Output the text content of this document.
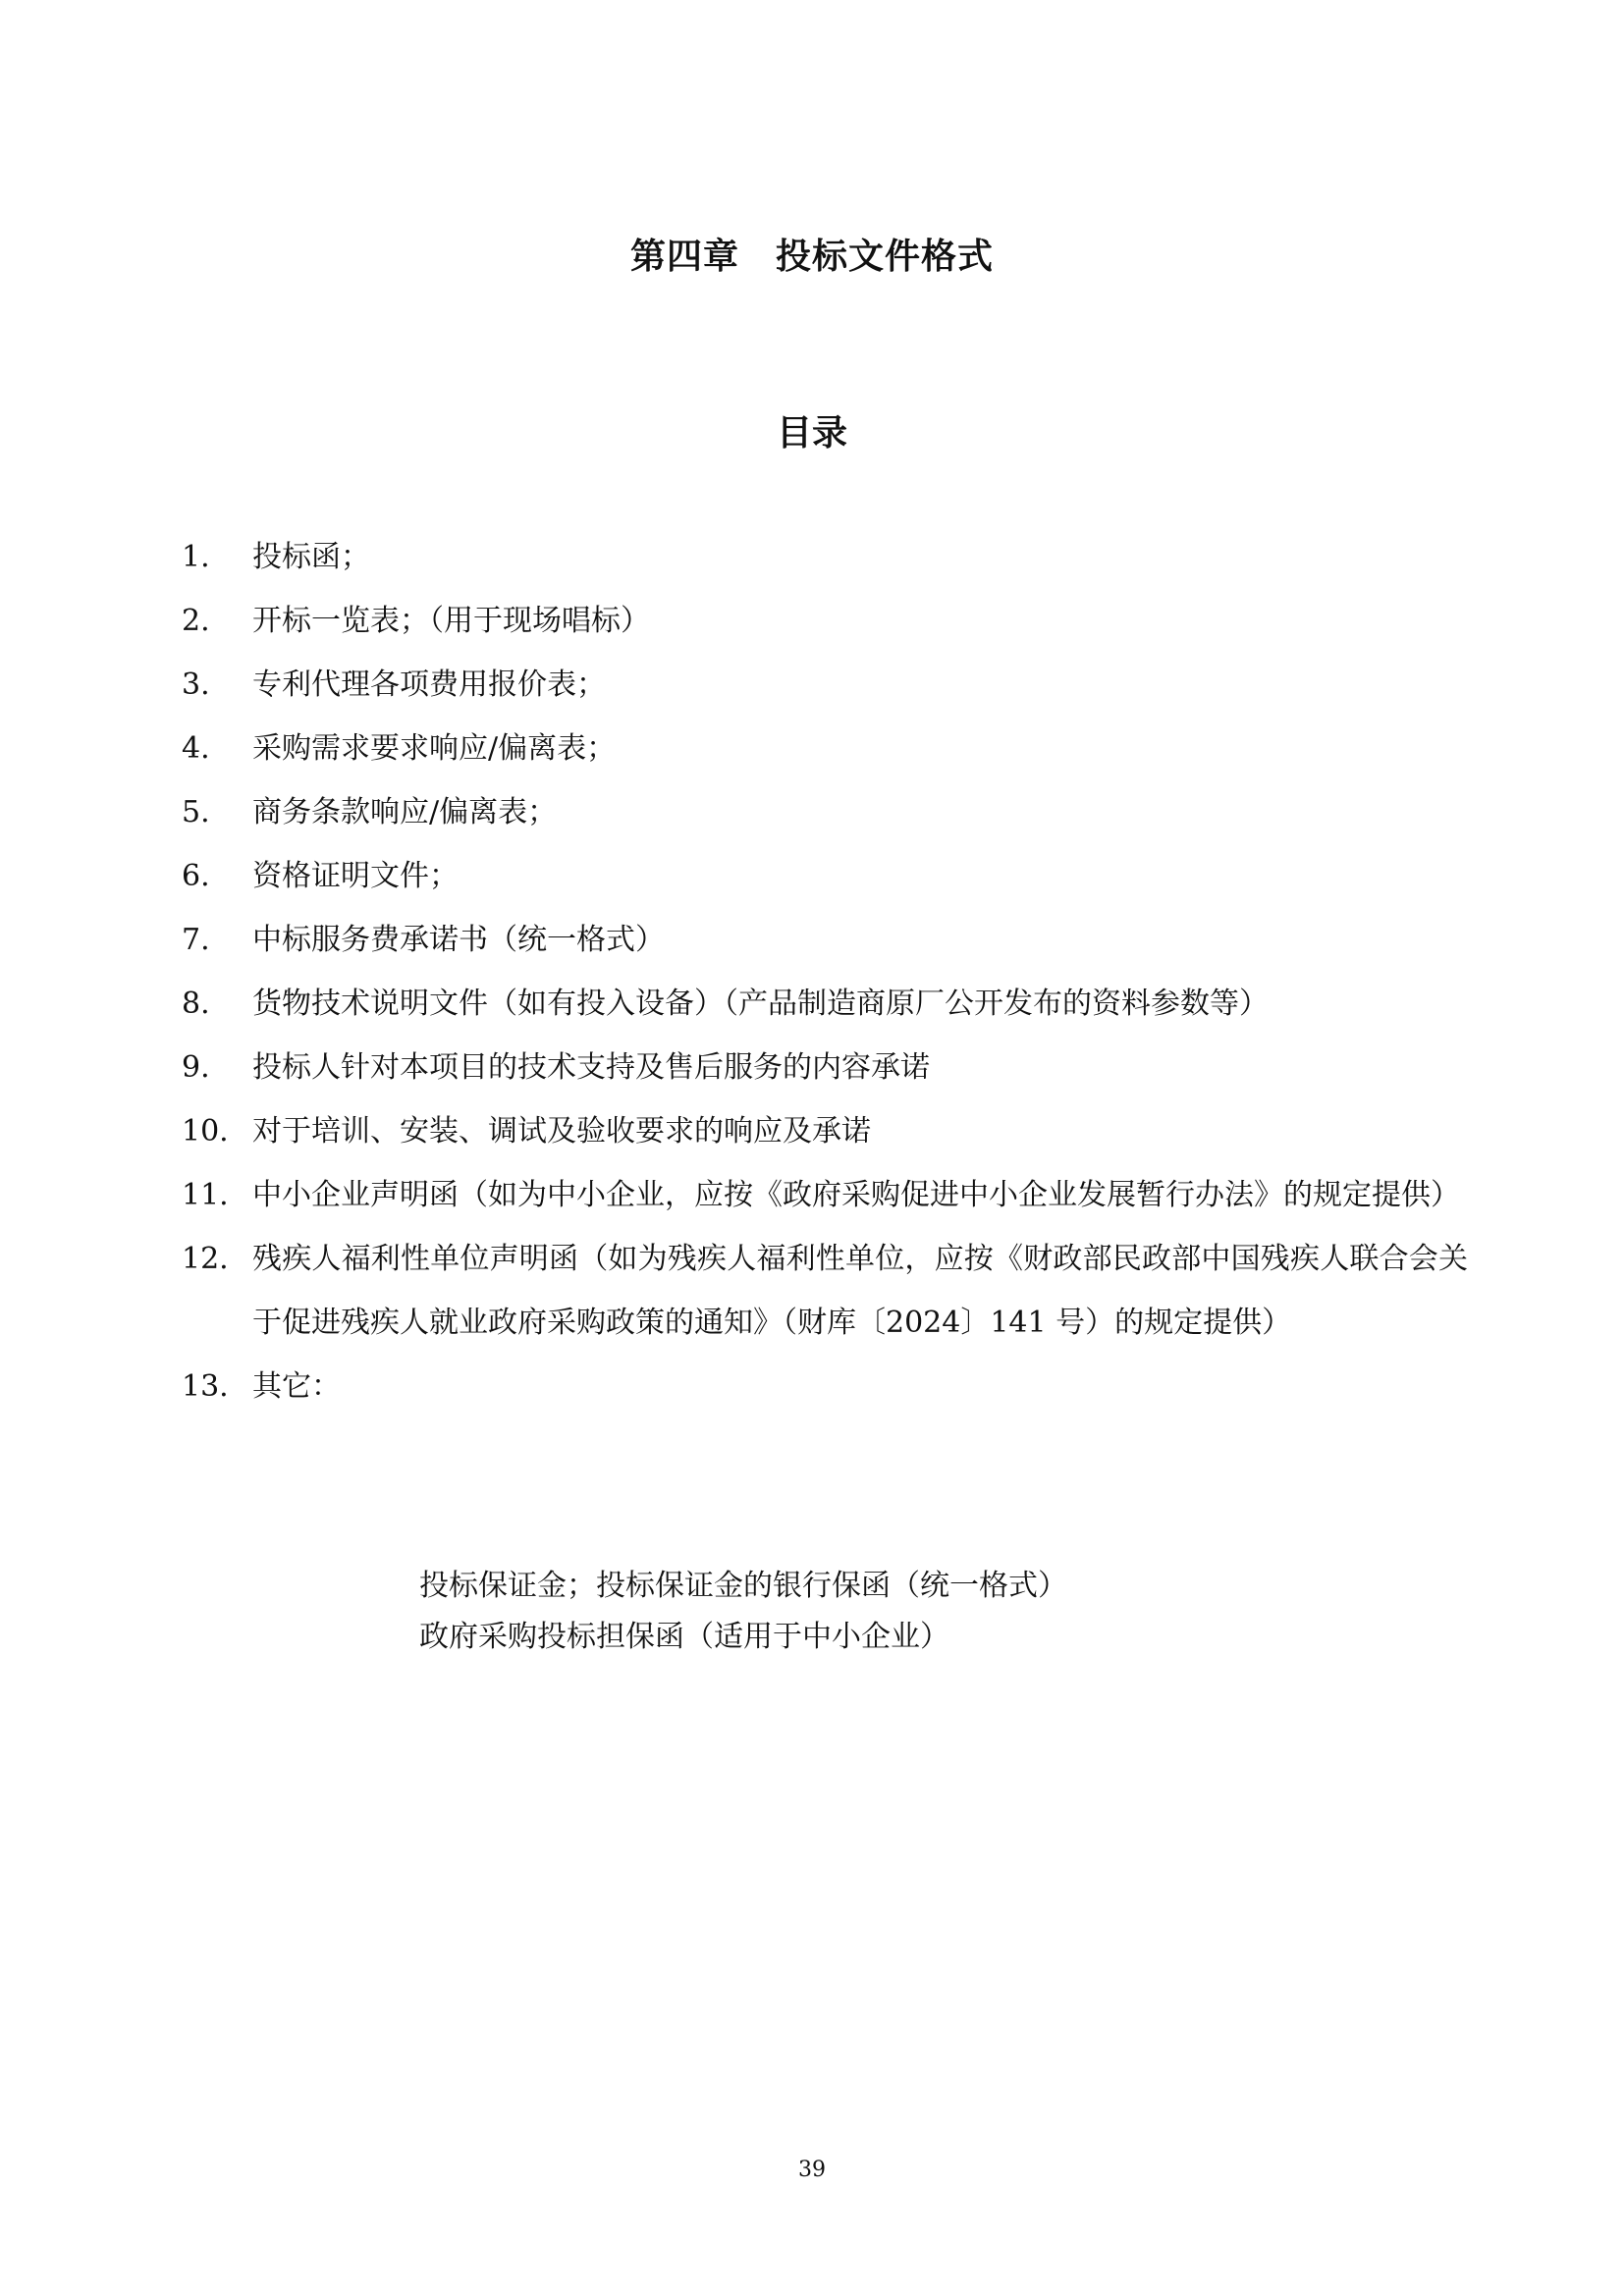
第四章　投标文件格式
目录
1.	投标函；
2.	开标一览表；（用于现场唱标）
3.	专利代理各项费用报价表；
4.	采购需求要求响应/偏离表；
5.	商务条款响应/偏离表；
6.	资格证明文件；
7.	中标服务费承诺书（统一格式）
8.	货物技术说明文件（如有投入设备）（产品制造商原厂公开发布的资料参数等）
9.	投标人针对本项目的技术支持及售后服务的内容承诺
10. 对于培训、安装、调试及验收要求的响应及承诺
11. 中小企业声明函（如为中小企业，应按《政府采购促进中小企业发展暂行办法》的规定提供）
12. 残疾人福利性单位声明函（如为残疾人福利性单位，应按《财政部民政部中国残疾人联合会关于促进残疾人就业政府采购政策的通知》（财库〔2024〕141 号）的规定提供）
13. 其它：
投标保证金；投标保证金的银行保函（统一格式）
政府采购投标担保函（适用于中小企业）
39
